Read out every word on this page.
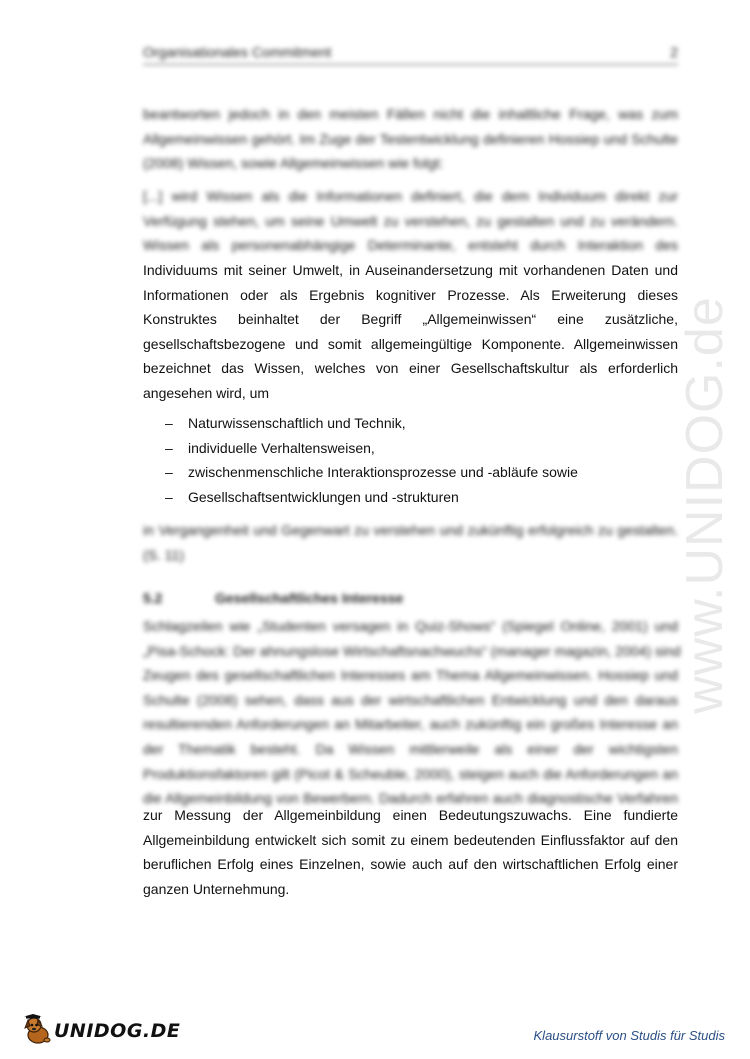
Organisationales Commitment	2
beantworten jedoch in den meisten Fällen nicht die inhaltliche Frage, was zum
Allgemeinwissen gehört. Im Zuge der Testentwicklung definieren Hossiep und Schulte
(2008) Wissen, sowie Allgemeinwissen wie folgt:
[...] wird Wissen als die Informationen definiert, die dem Individuum direkt zur
Verfügung stehen, um seine Umwelt zu verstehen, zu gestalten und zu verändern.
Wissen als personenabhängige Determinante, entsteht durch Interaktion des
Individuums mit seiner Umwelt, in Auseinandersetzung mit vorhandenen Daten und
Informationen oder als Ergebnis kognitiver Prozesse. Als Erweiterung dieses
Konstruktes beinhaltet der Begriff „Allgemeinwissen“ eine zusätzliche,
gesellschaftsbezogene und somit allgemeingültige Komponente. Allgemeinwissen
bezeichnet das Wissen, welches von einer Gesellschaftskultur als erforderlich
angesehen wird, um
– Naturwissenschaftlich und Technik,
– individuelle Verhaltensweisen,
– zwischenmenschliche Interaktionsprozesse und -abläufe sowie
– Gesellschaftsentwicklungen und -strukturen
in Vergangenheit und Gegenwart zu verstehen und zukünftig erfolgreich zu gestalten.
(S. 11)
5.2	Gesellschaftliches Interesse
Schlagzeilen wie „Studenten versagen in Quiz-Shows“ (Spiegel Online, 2001) und
„Pisa-Schock: Der ahnungslose Wirtschaftsnachwuchs“ (manager magazin, 2004) sind
Zeugen des gesellschaftlichen Interesses am Thema Allgemeinwissen. Hossiep und
Schulte (2008) sehen, dass aus der wirtschaftlichen Entwicklung und den daraus
resultierenden Anforderungen an Mitarbeiter, auch zukünftig ein großes Interesse an
der Thematik besteht. Da Wissen mittlerweile als einer der wichtigsten
Produktionsfaktoren gilt (Picot & Scheuble, 2000), steigen auch die Anforderungen an
die Allgemeinbildung von Bewerbern. Dadurch erfahren auch diagnostische Verfahren
zur Messung der Allgemeinbildung einen Bedeutungszuwachs. Eine fundierte
Allgemeinbildung entwickelt sich somit zu einem bedeutenden Einflussfaktor auf den
beruflichen Erfolg eines Einzelnen, sowie auch auf den wirtschaftlichen Erfolg einer
ganzen Unternehmung.
www.UNIDOG.de
UNIDOG.DE	Klausurstoff von Studis für Studis
